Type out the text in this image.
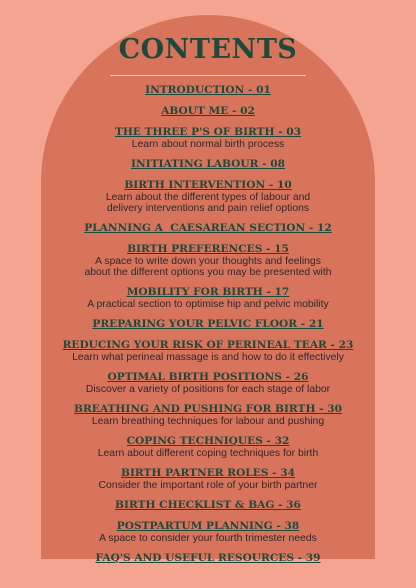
CONTENTS
INTRODUCTION - 01
ABOUT ME - 02
THE THREE P'S OF BIRTH - 03
Learn about normal birth process
INITIATING LABOUR - 08
BIRTH INTERVENTION - 10
Learn about the different types of labour and
delivery interventions and pain relief options
PLANNING A  CAESAREAN SECTION - 12
BIRTH PREFERENCES - 15
A space to write down your thoughts and feelings
about the different options you may be presented with
MOBILITY FOR BIRTH - 17
A practical section to optimise hip and pelvic mobility
PREPARING YOUR PELVIC FLOOR - 21
REDUCING YOUR RISK OF PERINEAL TEAR - 23
Learn what perineal massage is and how to do it effectively
OPTIMAL BIRTH POSITIONS - 26
Discover a variety of positions for each stage of labor
BREATHING AND PUSHING FOR BIRTH - 30
Learn breathing techniques for labour and pushing
COPING TECHNIQUES - 32
Learn about different coping techniques for birth
BIRTH PARTNER ROLES - 34
Consider the important role of your birth partner
BIRTH CHECKLIST & BAG - 36
POSTPARTUM PLANNING - 38
A space to consider your fourth trimester needs
FAQ'S AND USEFUL RESOURCES - 39
